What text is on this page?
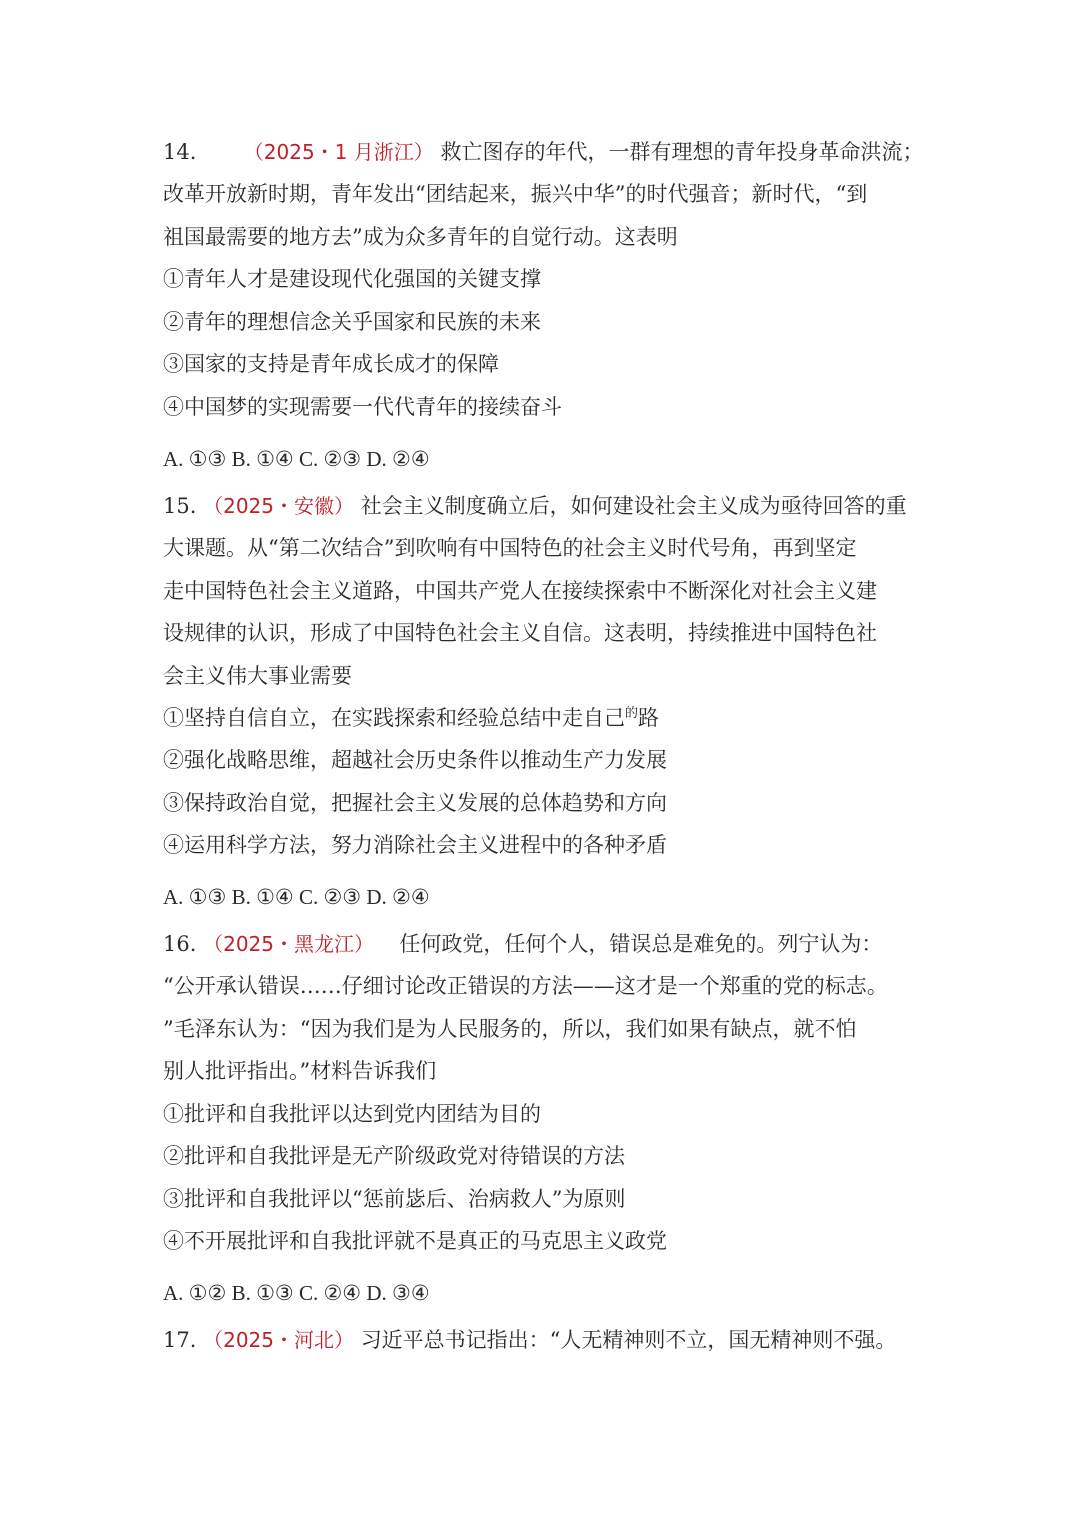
14. （2025・1 月浙江） 救亡图存的年代，一群有理想的青年投身革命洪流；
改革开放新时期，青年发出“团结起来，振兴中华”的时代强音；新时代，“到
祖国最需要的地方去”成为众多青年的自觉行动。这表明
①青年人才是建设现代化强国的关键支撑
②青年的理想信念关乎国家和民族的未来
③国家的支持是青年成长成才的保障
④中国梦的实现需要一代代青年的接续奋斗
A. ①③ B. ①④ C. ②③ D. ②④
15. （2025・安徽） 社会主义制度确立后，如何建设社会主义成为亟待回答的重
大课题。从“第二次结合”到吹响有中国特色的社会主义时代号角，再到坚定
走中国特色社会主义道路，中国共产党人在接续探索中不断深化对社会主义建
设规律的认识，形成了中国特色社会主义自信。这表明，持续推进中国特色社
会主义伟大事业需要
①坚持自信自立，在实践探索和经验总结中走自己$^的$路
②强化战略思维，超越社会历史条件以推动生产力发展
③保持政治自觉，把握社会主义发展的总体趋势和方向
④运用科学方法，努力消除社会主义进程中的各种矛盾
A. ①③ B. ①④ C. ②③ D. ②④
16. （2025・黑龙江） 任何政党，任何个人，错误总是难免的。列宁认为：
“公开承认错误……仔细讨论改正错误的方法——这才是一个郑重的党的标志。
”毛泽东认为：“因为我们是为人民服务的，所以，我们如果有缺点，就不怕
别人批评指出。”材料告诉我们
①批评和自我批评以达到党内团结为目的
②批评和自我批评是无产阶级政党对待错误的方法
③批评和自我批评以“惩前毖后、治病救人”为原则
④不开展批评和自我批评就不是真正的马克思主义政党
A. ①② B. ①③ C. ②④ D. ③④
17. （2025・河北） 习近平总书记指出：“人无精神则不立，国无精神则不强。
